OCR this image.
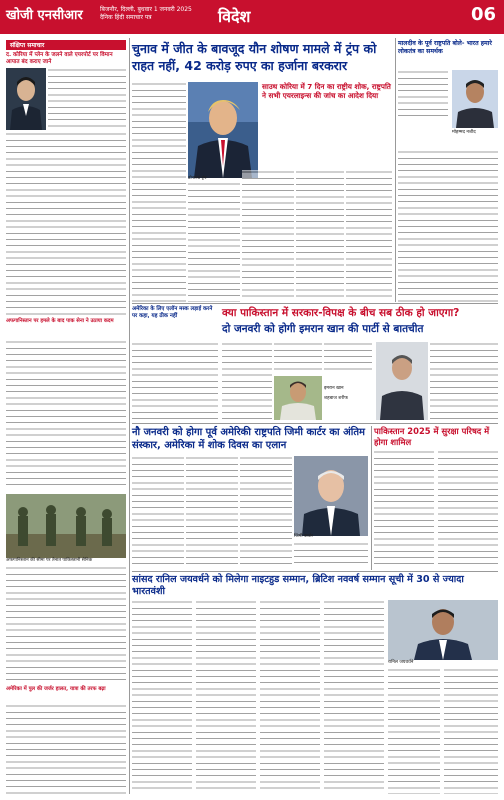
खोजी एनसीआर	बिजनौर, दिल्ली, बुधवार 1 जनवरी 2025
दैनिक हिंदी समाचार पत्र	विदेश	06
संक्षिप्त समाचार
द. कोरिया में प्लेन के जलने वाले एयरपोर्ट पर विमान आपात बंद कराए जाने
अफगानिस्तान पर हमले के बाद पाक सेना ने उठाया कदम
अफगानिस्तान की सीमा पर तैनात पाकिस्तानी सैनिक
अमेरिका में पुल की जर्जर हालत, यात्रा की तरफ बढ़ा
चुनाव में जीत के बावजूद यौन शोषण मामले में ट्रंप को राहत नहीं, 42 करोड़ रुपए का हर्जाना बरकरार
डोनाल्ड ट्रंप
साउथ कोरिया में 7 दिन का राष्ट्रीय शोक, राष्ट्रपति ने सभी एयरलाइन्स की जांच का आदेश दिया
मालदीव के पूर्व राष्ट्रपति बोले- भारत हमारे लोकतंत्र का समर्थक
मोहम्मद नशीद
अमेरिका के लिए एलॉन मस्क लड़ाई करने पर कहा, यह ठीक नहीं	क्या पाकिस्तान में सरकार-विपक्ष के बीच सब ठीक हो जाएगा?
दो जनवरी को होगी इमरान खान की पार्टी से बातचीत
इमरान खान
शहबाज शरीफ
नौ जनवरी को होगा पूर्व अमेरिकी राष्ट्रपति जिमी कार्टर का अंतिम संस्कार, अमेरिका में शोक दिवस का एलान
जिमी कार्टर
पाकिस्तान 2025 में सुरक्षा परिषद में होगा शामिल
सांसद रानिल जयवर्धने को मिलेगा नाइटहुड सम्मान, ब्रिटिश नववर्ष सम्मान सूची में 30 से ज्यादा भारतवंशी
रानिल जयवर्धने
